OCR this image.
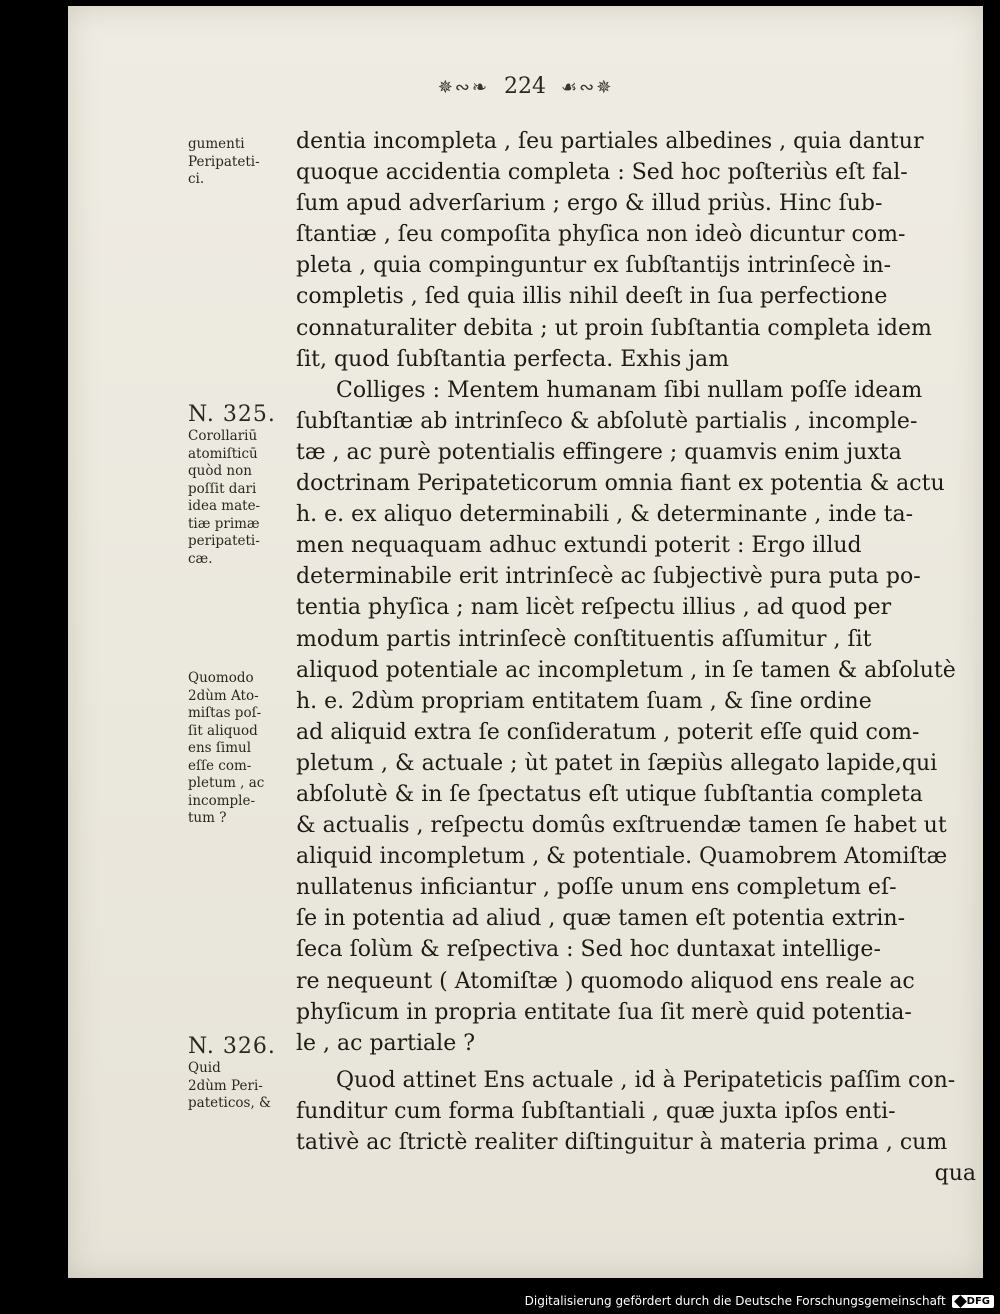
✵∾❧ 224 ☙∾✵
gumenti
Peripateti-
ci.
N. 325.
Corollariū
atomiſticū
quòd non
poſſit dari
idea mate-
tiæ primæ
peripateti-
cæ.
Quomodo
2dùm Ato-
miſtas poſ-
ſit aliquod
ens ſimul
eſſe com-
pletum , ac
incomple-
tum ?
N. 326.
Quid
2dùm Peri-
pateticos, &
dentia incompleta , ſeu partiales albedines , quia dantur
quoque accidentia completa : Sed hoc poſteriùs eſt fal-
ſum apud adverſarium ; ergo & illud priùs. Hinc ſub-
ſtantiæ , ſeu compoſita phyſica non ideò dicuntur com-
pleta , quia compinguntur ex ſubſtantijs intrinſecè in-
completis , ſed quia illis nihil deeſt in ſua perfectione
connaturaliter debita ; ut proin ſubſtantia completa idem
ſit, quod ſubſtantia perfecta. Exhis jam
Colliges : Mentem humanam ſibi nullam poſſe ideam
ſubſtantiæ ab intrinſeco & abſolutè partialis , incomple-
tæ , ac purè potentialis effingere ; quamvis enim juxta
doctrinam Peripateticorum omnia fiant ex potentia & actu
h. e. ex aliquo determinabili , & determinante , inde ta-
men nequaquam adhuc extundi poterit : Ergo illud
determinabile erit intrinſecè ac ſubjectivè pura puta po-
tentia phyſica ; nam licèt reſpectu illius , ad quod per
modum partis intrinſecè conſtituentis aſſumitur , ſit
aliquod potentiale ac incompletum , in ſe tamen & abſolutè
h. e. 2dùm propriam entitatem ſuam , & ſine ordine
ad aliquid extra ſe conſideratum , poterit eſſe quid com-
pletum , & actuale ; ùt patet in ſæpiùs allegato lapide,qui
abſolutè & in ſe ſpectatus eſt utique ſubſtantia completa
& actualis , reſpectu domûs exſtruendæ tamen ſe habet ut
aliquid incompletum , & potentiale. Quamobrem Atomiſtæ
nullatenus inficiantur , poſſe unum ens completum eſ-
ſe in potentia ad aliud , quæ tamen eſt potentia extrin-
ſeca ſolùm & reſpectiva : Sed hoc duntaxat intellige-
re nequeunt ( Atomiſtæ ) quomodo aliquod ens reale ac
phyſicum in propria entitate ſua ſit merè quid potentia-
le , ac partiale ?
Quod attinet Ens actuale , id à Peripateticis paſſim con-
funditur cum forma ſubſtantiali , quæ juxta ipſos enti-
tativè ac ſtrictè realiter diſtinguitur à materia prima , cum
qua
Digitalisierung gefördert durch die Deutsche Forschungsgemeinschaft DFG
